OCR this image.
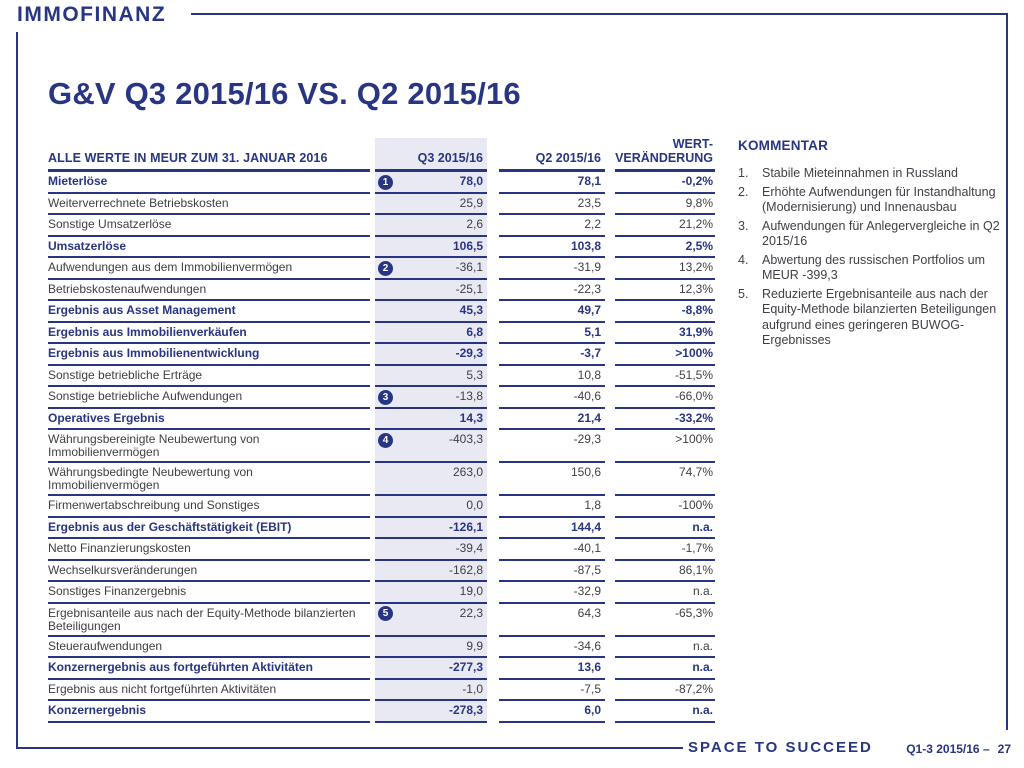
IMMOFINANZ
G&V Q3 2015/16 VS. Q2 2015/16
ALLE WERTE IN MEUR ZUM 31. JANUAR 2016	Q3 2015/16	Q2 2015/16
WERT-
VERÄNDERUNG
Mieterlöse	1	78,0	78,1	-0,2%
Weiterverrechnete Betriebskosten	25,9	23,5	9,8%
Sonstige Umsatzerlöse	2,6	2,2	21,2%
Umsatzerlöse	106,5	103,8	2,5%
Aufwendungen aus dem Immobilienvermögen	2	-36,1	-31,9	13,2%
Betriebskostenaufwendungen	-25,1	-22,3	12,3%
Ergebnis aus Asset Management	45,3	49,7	-8,8%
Ergebnis aus Immobilienverkäufen	6,8	5,1	31,9%
Ergebnis aus Immobilienentwicklung	-29,3	-3,7	>100%
Sonstige betriebliche Erträge	5,3	10,8	-51,5%
Sonstige betriebliche Aufwendungen	3	-13,8	-40,6	-66,0%
Operatives Ergebnis	14,3	21,4	-33,2%
Währungsbereinigte Neubewertung von Immobilienvermögen
4	-403,3	-29,3	>100%
Währungsbedingte Neubewertung von Immobilienvermögen
263,0	150,6	74,7%
Firmenwertabschreibung und Sonstiges	0,0	1,8	-100%
Ergebnis aus der Geschäftstätigkeit (EBIT)	-126,1	144,4	n.a.
Netto Finanzierungskosten	-39,4	-40,1	-1,7%
Wechselkursveränderungen	-162,8	-87,5	86,1%
Sonstiges Finanzergebnis	19,0	-32,9	n.a.
Ergebnisanteile aus nach der Equity-Methode bilanzierten Beteiligungen
5	22,3	64,3	-65,3%
Steueraufwendungen	9,9	-34,6	n.a.
Konzernergebnis aus fortgeführten Aktivitäten	-277,3	13,6	n.a.
Ergebnis aus nicht fortgeführten Aktivitäten	-1,0	-7,5	-87,2%
Konzernergebnis	-278,3	6,0	n.a.
KOMMENTAR
1.	Stabile Mieteinnahmen in Russland
2.	Erhöhte Aufwendungen für Instandhaltung (Modernisierung) und Innenausbau
3.	Aufwendungen für Anlegervergleiche in Q2 2015/16
4.	Abwertung des russischen Portfolios um MEUR -399,3
5.	Reduzierte Ergebnisanteile aus nach der Equity-Methode bilanzierten Beteiligungen aufgrund eines geringeren BUWOG-Ergebnisses
SPACE TO SUCCEED	Q1-3 2015/16 – 27
